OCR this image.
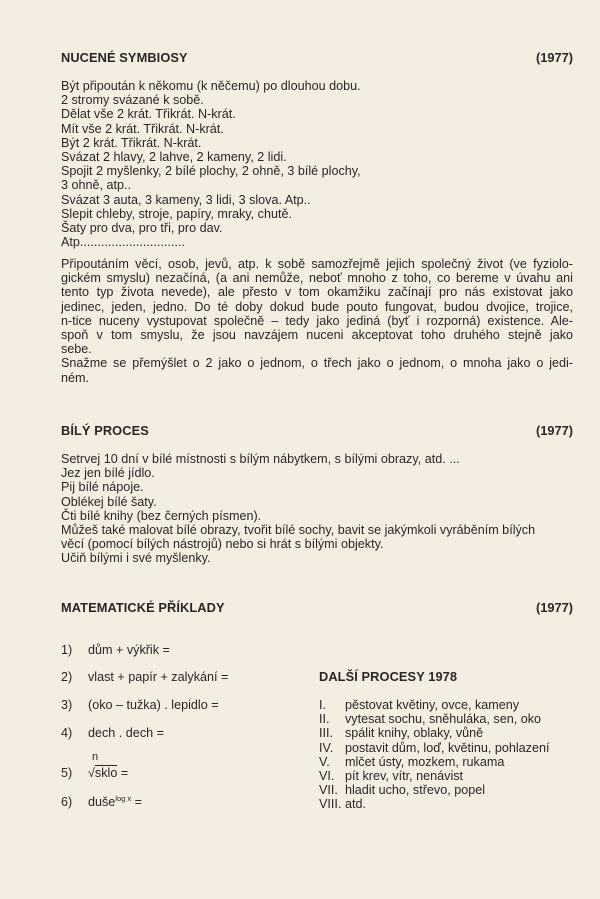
NUCENÉ SYMBIOSY	(1977)
Být připoután k někomu (k něčemu) po dlouhou dobu.
2 stromy svázané k sobě.
Dělat vše 2 krát. Třikrát. N-krát.
Mít vše 2 krát. Třikrát. N-krát.
Být 2 krát. Třikrát. N-krát.
Svázat 2 hlavy, 2 lahve, 2 kameny, 2 lidi.
Spojit 2 myšlenky, 2 bílé plochy, 2 ohně, 3 bílé plochy,
3 ohně, atp..
Svázat 3 auta, 3 kameny, 3 lidi, 3 slova. Atp..
Slepit chleby, stroje, papíry, mraky, chutě.
Šaty pro dva, pro tři, pro dav.
Atp..............................
Připoutáním věcí, osob, jevů, atp. k sobě samozřejmě jejich společný život (ve fyziolo-
gickém smyslu) nezačíná, (a ani nemůže, neboť mnoho z toho, co bereme v úvahu ani
tento typ života nevede), ale přesto v tom okamžiku začínají pro nás existovat jako
jedinec, jeden, jedno. Do té doby dokud bude pouto fungovat, budou dvojice, trojice,
n-tice nuceny vystupovat společně – tedy jako jediná (byť i rozporná) existence. Ale-
spoň v tom smyslu, že jsou navzájem nuceni akceptovat toho druhého stejně jako
sebe.
Snažme se přemýšlet o 2 jako o jednom, o třech jako o jednom, o mnoha jako o jedi-
ném.
BÍLÝ PROCES	(1977)
Setrvej 10 dní v bílé místnosti s bílým nábytkem, s bílými obrazy, atd. ...
Jez jen bílé jídlo.
Pij bílé nápoje.
Oblékej bílé šaty.
Čti bílé knihy (bez černých písmen).
Můžeš také malovat bílé obrazy, tvořit bílé sochy, bavit se jakýmkoli vyráběním bílých
věcí (pomocí bílých nástrojů) nebo si hrát s bílými objekty.
Učiň bílými i své myšlenky.
MATEMATICKÉ PŘÍKLADY	(1977)
1) dům + výkřik =
2) vlast + papír + zalykání =
3) (oko – tužka) . lepidlo =
4) dech . dech =
5)
n
√sklo =
6) duše$^{log x}$ =
DALŠÍ PROCESY 1978
I.	pěstovat květiny, ovce, kameny
II.	vytesat sochu, sněhuláka, sen, oko
III. spálit knihy, oblaky, vůně
IV. postavit dům, loď, květinu, pohlazení
V.	mlčet ústy, mozkem, rukama
VI. pít krev, vítr, nenávist
VII. hladit ucho, střevo, popel
VIII. atd.
